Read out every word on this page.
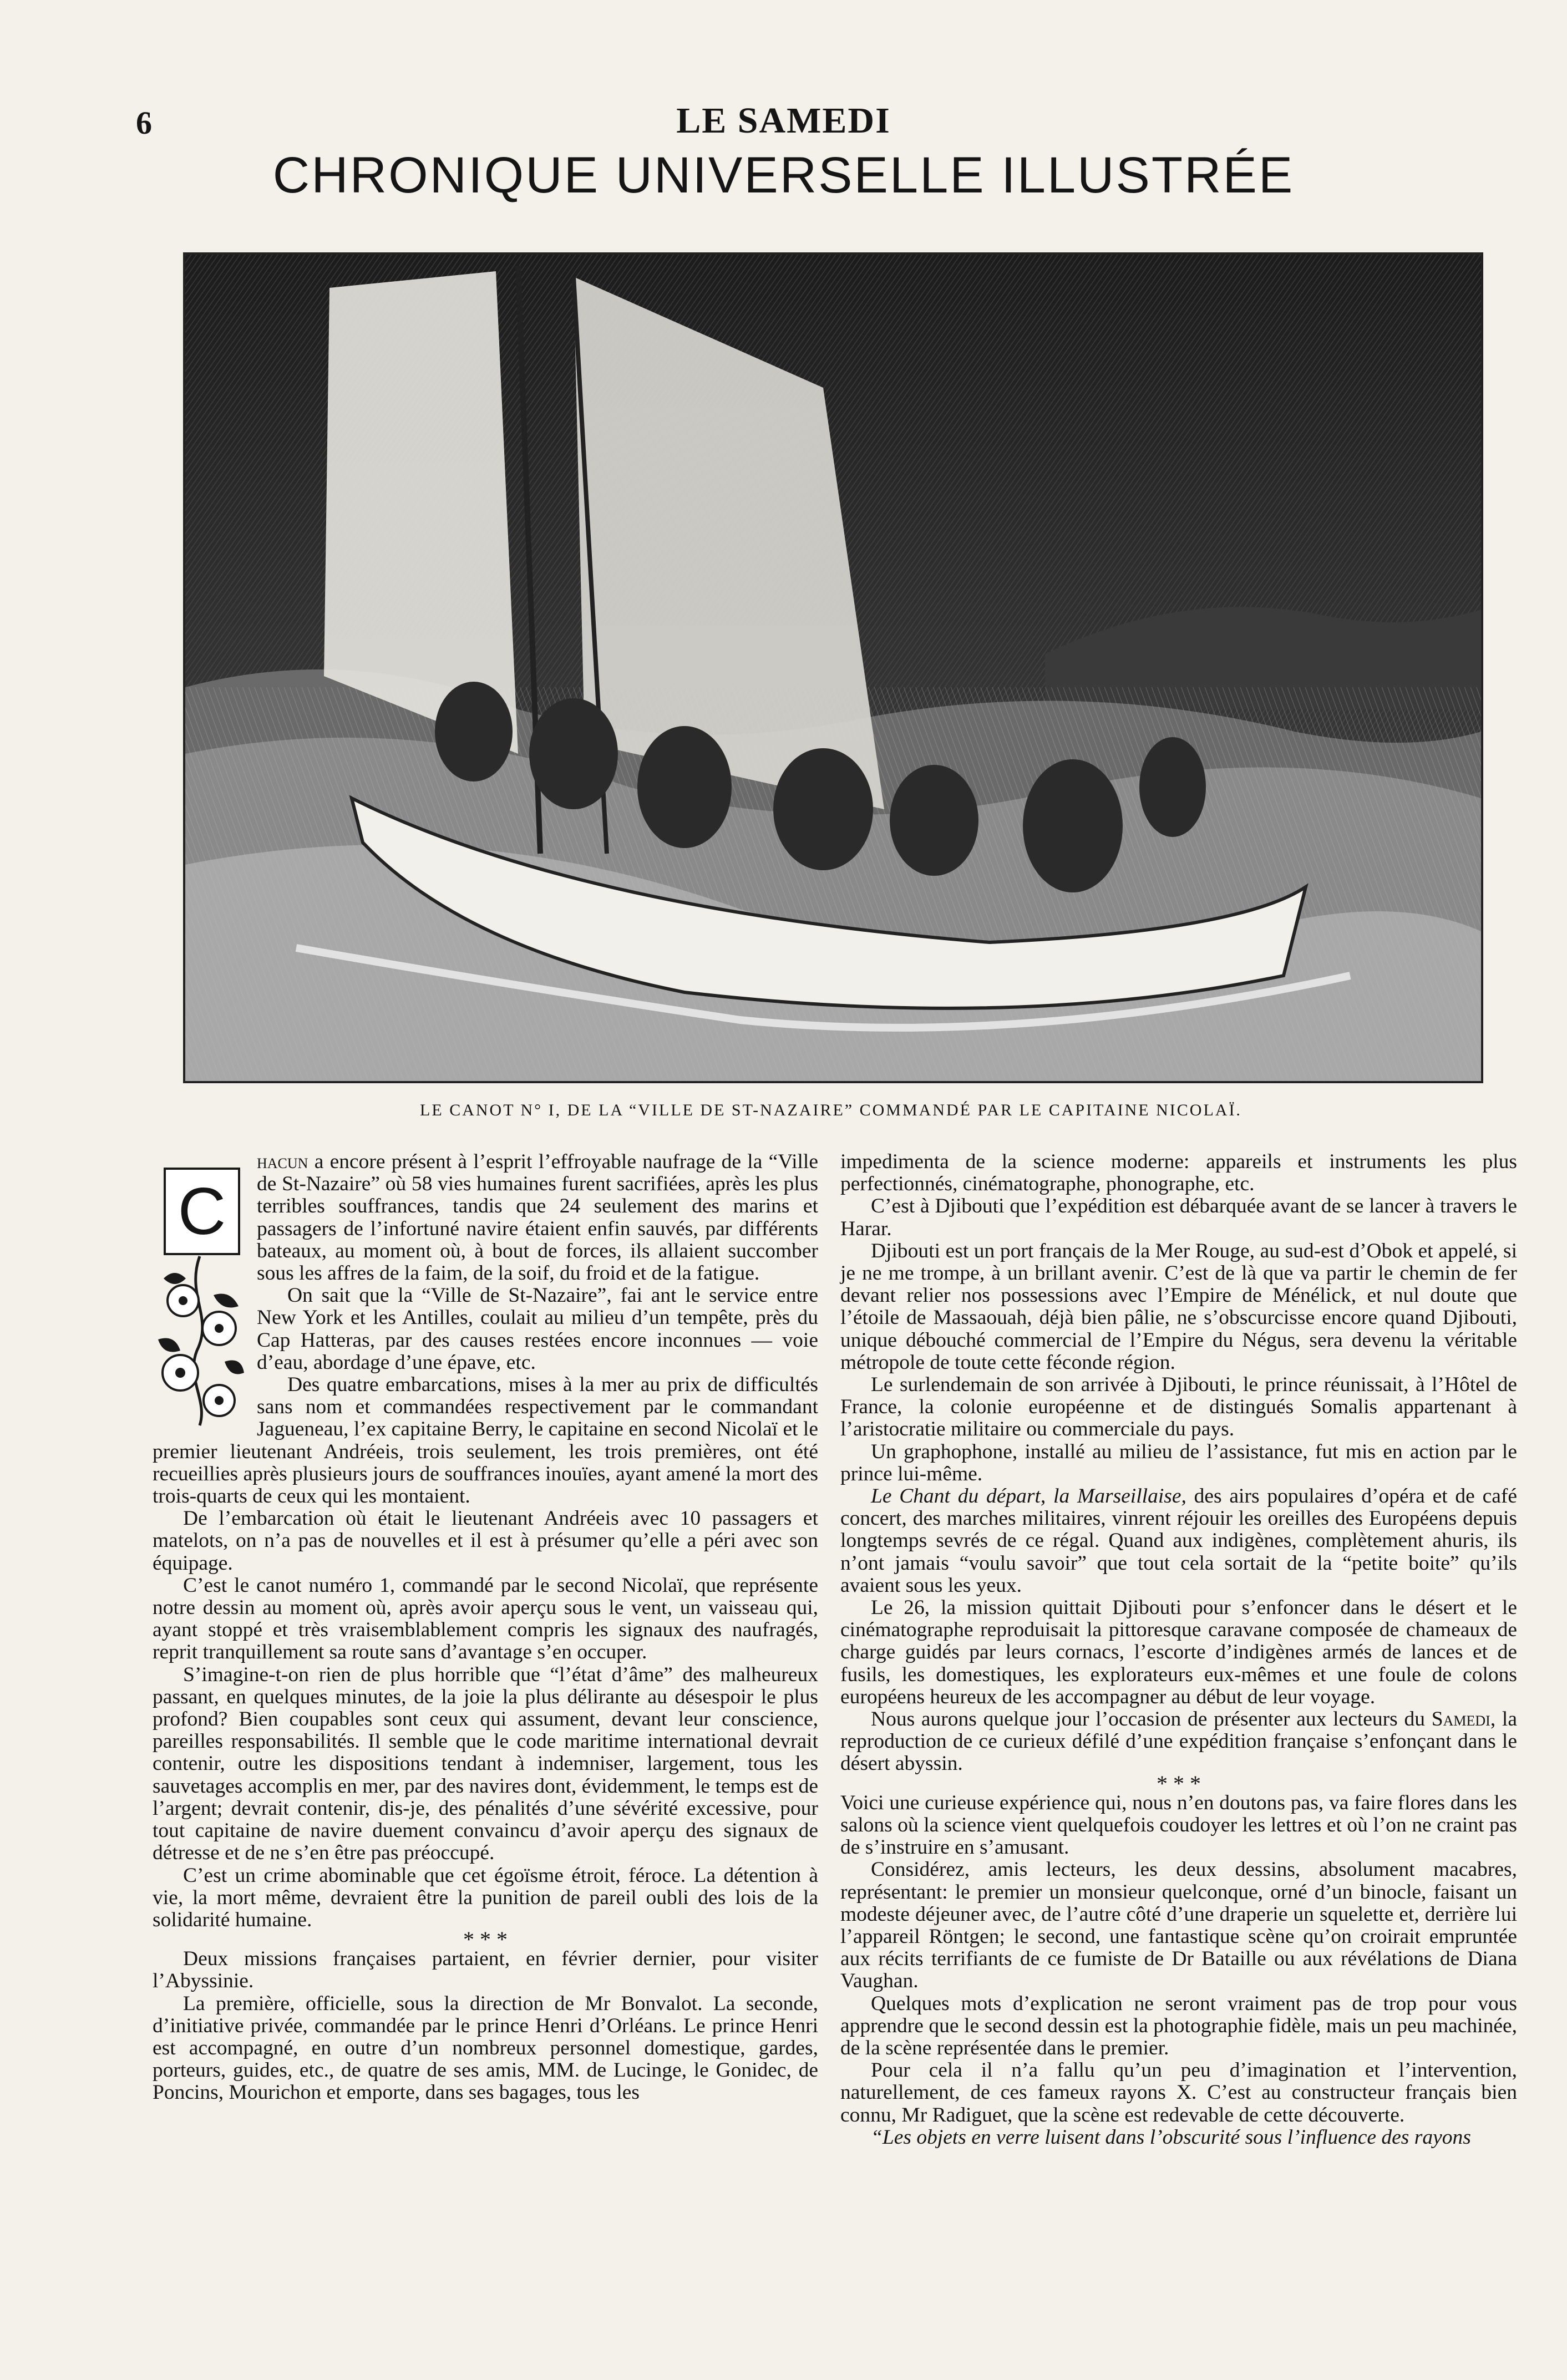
6	LE SAMEDI
CHRONIQUE UNIVERSELLE ILLUSTRÉE
LE CANOT N° I, DE LA “VILLE DE ST-NAZAIRE” COMMANDÉ PAR LE CAPITAINE NICOLAÏ.
C

hacun a encore présent à l’esprit l’effroyable naufrage de la “Ville de St-Nazaire” où 58 vies humaines furent sacrifiées, après les plus terribles souffrances, tandis que 24 seulement des marins et passagers de l’infortuné navire étaient enfin sauvés, par différents bateaux, au moment où, à bout de forces, ils allaient succomber sous les affres de la faim, de la soif, du froid et de la fatigue.

On sait que la “Ville de St-Nazaire”, fai ant le service entre New York et les Antilles, coulait au milieu d’un tempête, près du Cap Hatteras, par des causes restées encore inconnues — voie d’eau, abordage d’une épave, etc.

Des quatre embarcations, mises à la mer au prix de difficultés sans nom et commandées respectivement par le commandant Jagueneau, l’ex capitaine Berry, le capitaine en second Nicolaï et le premier lieutenant Andréeis, trois seulement, les trois premières, ont été recueillies après plusieurs jours de souffrances inouïes, ayant amené la mort des trois-quarts de ceux qui les montaient.

De l’embarcation où était le lieutenant Andréeis avec 10 passagers et matelots, on n’a pas de nouvelles et il est à présumer qu’elle a péri avec son équipage.

C’est le canot numéro 1, commandé par le second Nicolaï, que représente notre dessin au moment où, après avoir aperçu sous le vent, un vaisseau qui, ayant stoppé et très vraisemblablement compris les signaux des naufragés, reprit tranquillement sa route sans d’avantage s’en occuper.

S’imagine-t-on rien de plus horrible que “l’état d’âme” des malheureux passant, en quelques minutes, de la joie la plus délirante au désespoir le plus profond? Bien coupables sont ceux qui assument, devant leur conscience, pareilles responsabilités. Il semble que le code maritime international devrait contenir, outre les dispositions tendant à indemniser, largement, tous les sauvetages accomplis en mer, par des navires dont, évidemment, le temps est de l’argent; devrait contenir, dis-je, des pénalités d’une sévérité excessive, pour tout capitaine de navire duement convaincu d’avoir aperçu des signaux de détresse et de ne s’en être pas préoccupé.

C’est un crime abominable que cet égoïsme étroit, féroce. La détention à vie, la mort même, devraient être la punition de pareil oubli des lois de la solidarité humaine.

* * *

Deux missions françaises partaient, en février dernier, pour visiter l’Abyssinie.

La première, officielle, sous la direction de Mr Bonvalot. La seconde, d’initiative privée, commandée par le prince Henri d’Orléans. Le prince Henri est accompagné, en outre d’un nombreux personnel domestique, gardes, porteurs, guides, etc., de quatre de ses amis, MM. de Lucinge, le Gonidec, de Poncins, Mourichon et emporte, dans ses bagages, tous les

impedimenta de la science moderne: appareils et instruments les plus perfectionnés, cinématographe, phonographe, etc.

C’est à Djibouti que l’expédition est débarquée avant de se lancer à travers le Harar.

Djibouti est un port français de la Mer Rouge, au sud-est d’Obok et appelé, si je ne me trompe, à un brillant avenir. C’est de là que va partir le chemin de fer devant relier nos possessions avec l’Empire de Ménélick, et nul doute que l’étoile de Massaouah, déjà bien pâlie, ne s’obscurcisse encore quand Djibouti, unique débouché commercial de l’Empire du Négus, sera devenu la véritable métropole de toute cette féconde région.

Le surlendemain de son arrivée à Djibouti, le prince réunissait, à l’Hôtel de France, la colonie européenne et de distingués Somalis appartenant à l’aristocratie militaire ou commerciale du pays.

Un graphophone, installé au milieu de l’assistance, fut mis en action par le prince lui-même.

Le Chant du départ, la Marseillaise, des airs populaires d’opéra et de café concert, des marches militaires, vinrent réjouir les oreilles des Européens depuis longtemps sevrés de ce régal. Quand aux indigènes, complètement ahuris, ils n’ont jamais “voulu savoir” que tout cela sortait de la “petite boite” qu’ils avaient sous les yeux.

Le 26, la mission quittait Djibouti pour s’enfoncer dans le désert et le cinématographe reproduisait la pittoresque caravane composée de chameaux de charge guidés par leurs cornacs, l’escorte d’indigènes armés de lances et de fusils, les domestiques, les explorateurs eux-mêmes et une foule de colons européens heureux de les accompagner au début de leur voyage.

Nous aurons quelque jour l’occasion de présenter aux lecteurs du Samedi, la reproduction de ce curieux défilé d’une expédition française s’enfonçant dans le désert abyssin.

* * *

Voici une curieuse expérience qui, nous n’en doutons pas, va faire flores dans les salons où la science vient quelquefois coudoyer les lettres et où l’on ne craint pas de s’instruire en s’amusant.

Considérez, amis lecteurs, les deux dessins, absolument macabres, représentant: le premier un monsieur quelconque, orné d’un binocle, faisant un modeste déjeuner avec, de l’autre côté d’une draperie un squelette et, derrière lui l’appareil Röntgen; le second, une fantastique scène qu’on croirait empruntée aux récits terrifiants de ce fumiste de Dr Bataille ou aux révélations de Diana Vaughan.

Quelques mots d’explication ne seront vraiment pas de trop pour vous apprendre que le second dessin est la photographie fidèle, mais un peu machinée, de la scène représentée dans le premier.

Pour cela il n’a fallu qu’un peu d’imagination et l’intervention, naturellement, de ces fameux rayons X. C’est au constructeur français bien connu, Mr Radiguet, que la scène est redevable de cette découverte.

“Les objets en verre luisent dans l’obscurité sous l’influence des rayons
